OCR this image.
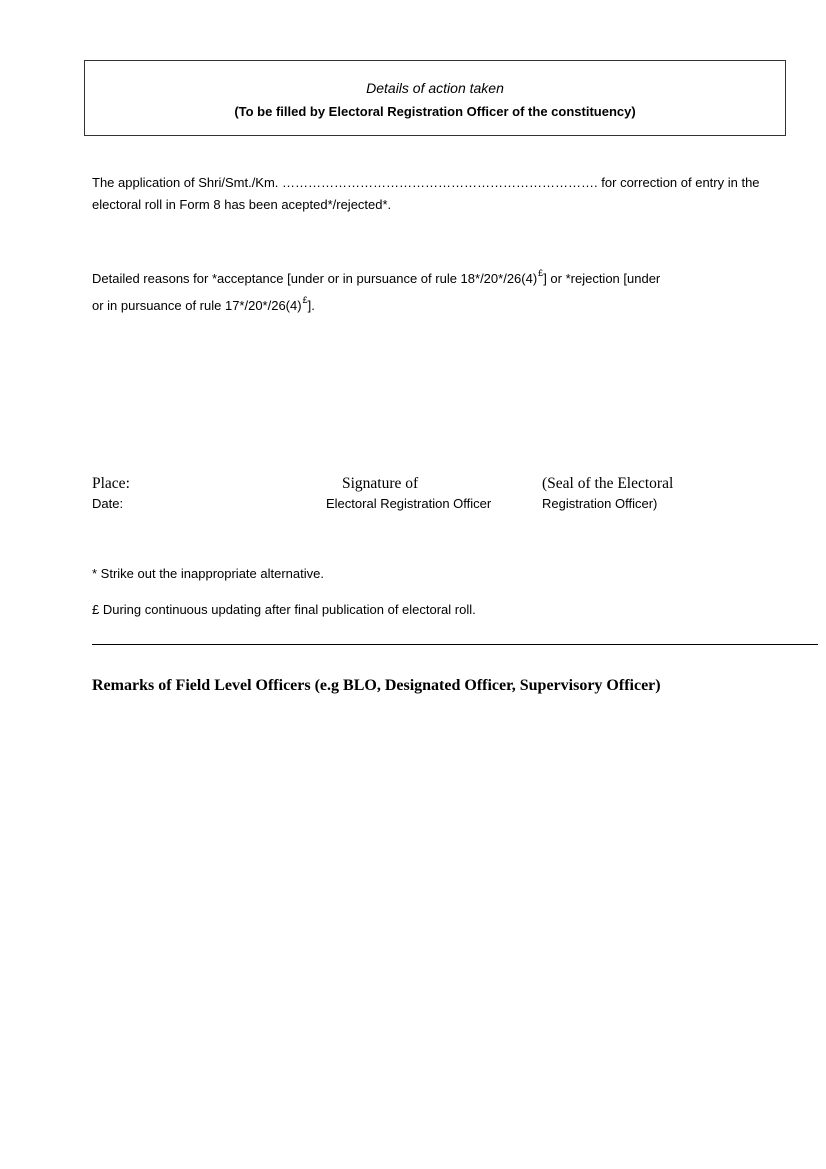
Details of action taken
(To be filled by Electoral Registration Officer of the constituency)
The application of Shri/Smt./Km. ………………………………………………………………. for correction of entry in the
electoral roll in Form 8 has been acepted*/rejected*.
Detailed reasons for *acceptance [under or in pursuance of rule 18*/20*/26(4)£] or *rejection [under
or in pursuance of rule 17*/20*/26(4)£].
Place:
Date:
Signature of
Electoral Registration Officer
(Seal of the Electoral
Registration Officer)
* Strike out the inappropriate alternative.
£ During continuous updating after final publication of electoral roll.
Remarks of Field Level Officers (e.g BLO, Designated Officer, Supervisory Officer)
